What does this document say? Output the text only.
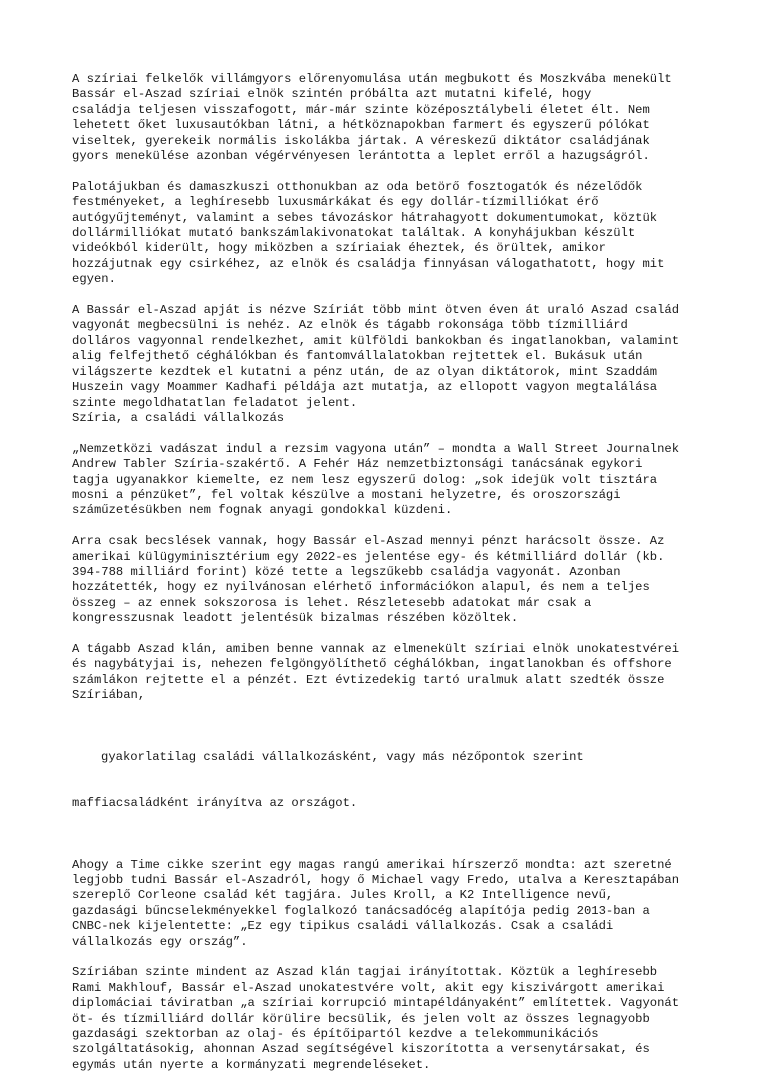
A szíriai felkelők villámgyors előrenyomulása után megbukott és Moszkvába menekült
Bassár el-Aszad szíriai elnök szintén próbálta azt mutatni kifelé, hogy
családja teljesen visszafogott, már-már szinte középosztálybeli életet élt. Nem
lehetett őket luxusautókban látni, a hétköznapokban farmert és egyszerű pólókat
viseltek, gyerekeik normális iskolákba jártak. A véreskezű diktátor családjának
gyors menekülése azonban végérvényesen lerántotta a leplet erről a hazugságról.

Palotájukban és damaszkuszi otthonukban az oda betörő fosztogatók és nézelődők
festményeket, a leghíresebb luxusmárkákat és egy dollár-tízmilliókat érő
autógyűjteményt, valamint a sebes távozáskor hátrahagyott dokumentumokat, köztük
dollármilliókat mutató bankszámlakivonatokat találtak. A konyhájukban készült
videókból kiderült, hogy miközben a szíriaiak éheztek, és örültek, amikor
hozzájutnak egy csirkéhez, az elnök és családja finnyásan válogathatott, hogy mit
egyen.

A Bassár el-Aszad apját is nézve Szíriát több mint ötven éven át uraló Aszad család
vagyonát megbecsülni is nehéz. Az elnök és tágabb rokonsága több tízmilliárd
dolláros vagyonnal rendelkezhet, amit külföldi bankokban és ingatlanokban, valamint
alig felfejthető céghálókban és fantomvállalatokban rejtettek el. Bukásuk után
világszerte kezdtek el kutatni a pénz után, de az olyan diktátorok, mint Szaddám
Huszein vagy Moammer Kadhafi példája azt mutatja, az ellopott vagyon megtalálása
szinte megoldhatatlan feladatot jelent.

Szíria, a családi vállalkozás

„Nemzetközi vadászat indul a rezsim vagyona után” – mondta a Wall Street Journalnek
Andrew Tabler Szíria-szakértő. A Fehér Ház nemzetbiztonsági tanácsának egykori
tagja ugyanakkor kiemelte, ez nem lesz egyszerű dolog: „sok idejük volt tisztára
mosni a pénzüket”, fel voltak készülve a mostani helyzetre, és oroszországi
száműzetésükben nem fognak anyagi gondokkal küzdeni.

Arra csak becslések vannak, hogy Bassár el-Aszad mennyi pénzt harácsolt össze. Az
amerikai külügyminisztérium egy 2022-es jelentése egy- és kétmilliárd dollár (kb.
394-788 milliárd forint) közé tette a legszűkebb családja vagyonát. Azonban
hozzátették, hogy ez nyilvánosan elérhető információkon alapul, és nem a teljes
összeg – az ennek sokszorosa is lehet. Részletesebb adatokat már csak a
kongresszusnak leadott jelentésük bizalmas részében közöltek.

A tágabb Aszad klán, amiben benne vannak az elmenekült szíriai elnök unokatestvérei
és nagybátyjai is, nehezen felgöngyölíthető céghálókban, ingatlanokban és offshore
számlákon rejtette el a pénzét. Ezt évtizedekig tartó uralmuk alatt szedték össze
Szíriában,

gyakorlatilag családi vállalkozásként, vagy más nézőpontok szerint

maffiacsaládként irányítva az országot.

Ahogy a Time cikke szerint egy magas rangú amerikai hírszerző mondta: azt szeretné
legjobb tudni Bassár el-Aszadról, hogy ő Michael vagy Fredo, utalva a Keresztapában
szereplő Corleone család két tagjára. Jules Kroll, a K2 Intelligence nevű,
gazdasági bűncselekményekkel foglalkozó tanácsadócég alapítója pedig 2013-ban a
CNBC-nek kijelentette: „Ez egy tipikus családi vállalkozás. Csak a családi
vállalkozás egy ország”.

Szíriában szinte mindent az Aszad klán tagjai irányítottak. Köztük a leghíresebb
Rami Makhlouf, Bassár el-Aszad unokatestvére volt, akit egy kiszivárgott amerikai
diplomáciai táviratban „a szíriai korrupció mintapéldányaként” említettek. Vagyonát
öt- és tízmilliárd dollár körülire becsülik, és jelen volt az összes legnagyobb
gazdasági szektorban az olaj- és építőipartól kezdve a telekommunikációs
szolgáltatásokig, ahonnan Aszad segítségével kiszorította a versenytársakat, és
egymás után nyerte a kormányzati megrendeléseket.
